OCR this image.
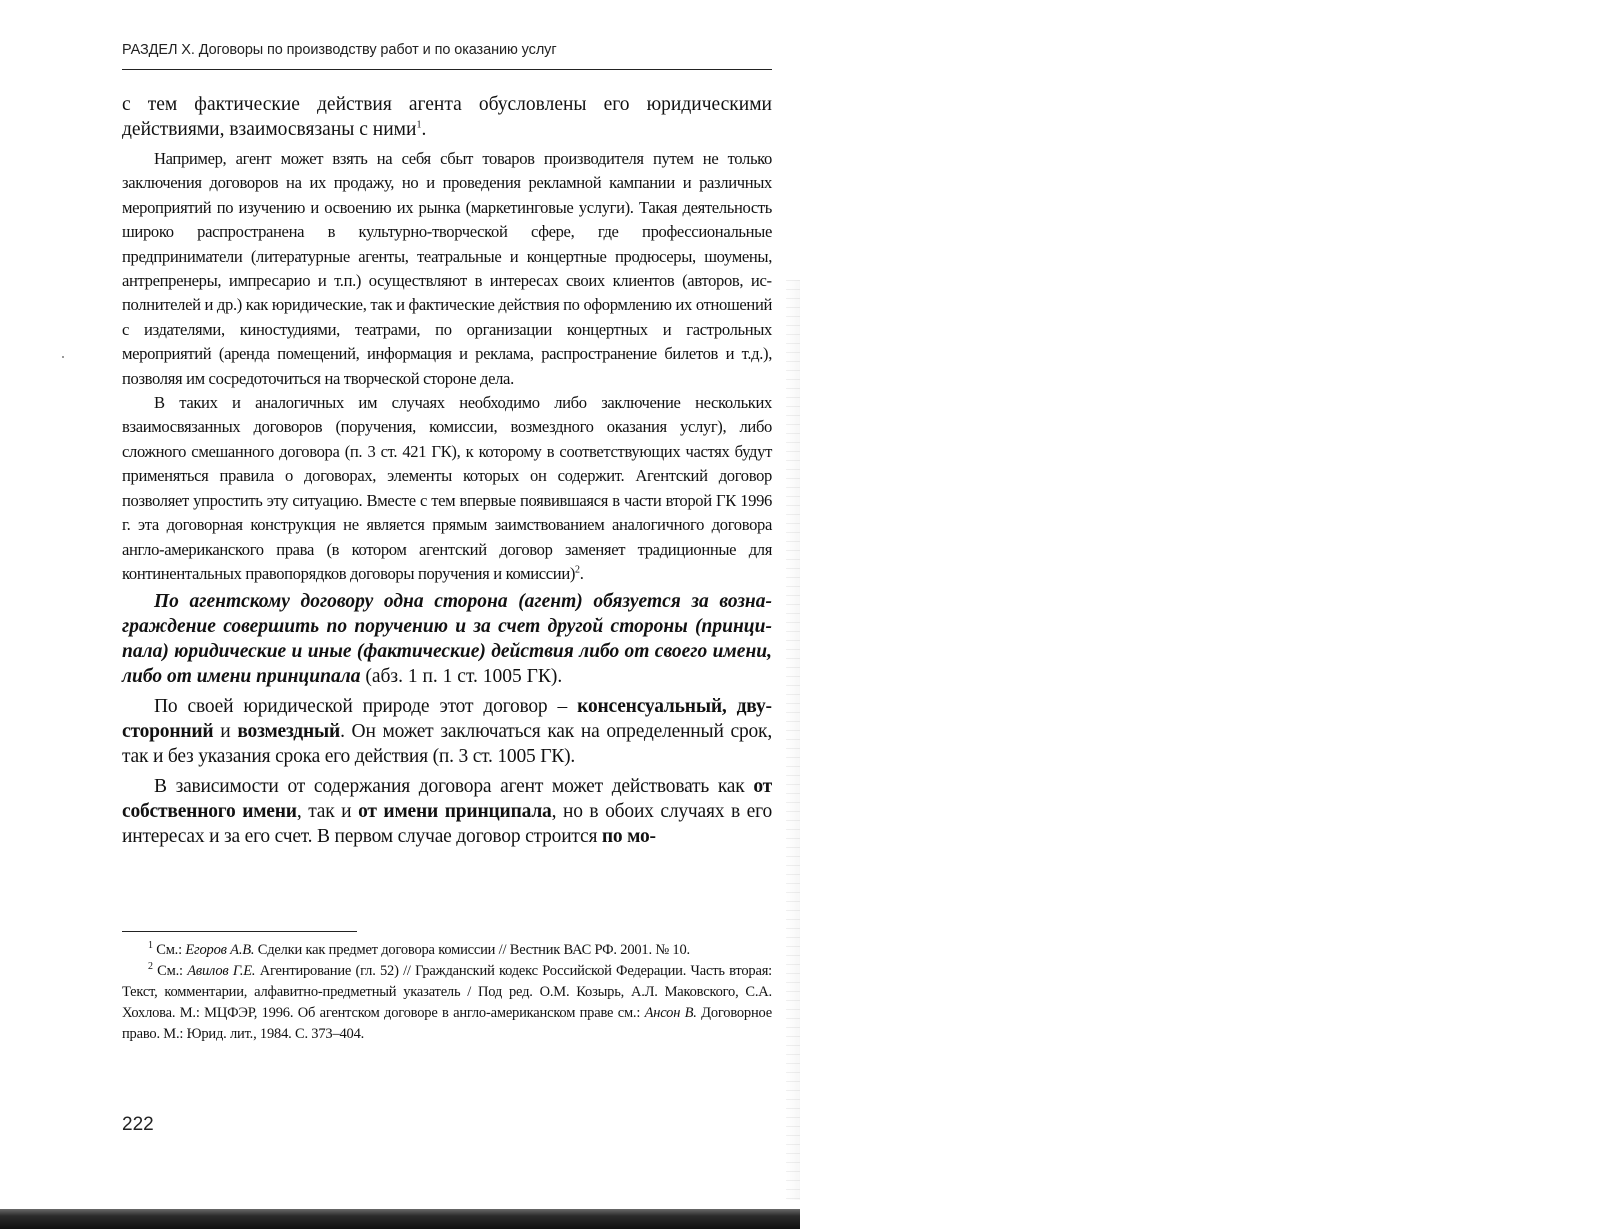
РАЗДЕЛ X. Договоры по производству работ и по оказанию услуг

с тем фактические действия агента обусловлены его юридическими действиями, взаимосвязаны с ними$^1$.

Например, агент может взять на себя сбыт товаров производителя путем не только заключения договоров на их продажу, но и проведения рекламной кампании и различных мероприятий по изучению и освоению их рынка (маркетинговые услуги). Такая деятельность широко распространена в культурно-творческой сфере, где профессиональные предприниматели (литературные агенты, театральные и концертные продюсеры, шоумены, антрепренеры, импресарио и т.п.) осуществляют в интересах своих клиентов (авторов, исполнителей и др.) как юридические, так и фактические действия по оформлению их отношений с издателями, киностудиями, театрами, по организации концертных и гастрольных мероприятий (аренда помещений, информация и реклама, распространение билетов и т.д.), позволяя им сосредоточиться на творческой стороне дела.

В таких и аналогичных им случаях необходимо либо заключение нескольких взаимосвязанных договоров (поручения, комиссии, возмездного оказания услуг), либо сложного смешанного договора (п. 3 ст. 421 ГК), к которому в соответствующих частях будут применяться правила о договорах, элементы которых он содержит. Агентский договор позволяет упростить эту ситуацию. Вместе с тем впервые появившаяся в части второй ГК 1996 г. эта договорная конструкция не является прямым заимствованием аналогичного договора англо-американского права (в котором агентский договор заменяет традиционные для континентальных правопорядков договоры поручения и комиссии)$^2$.

По агентскому договору одна сторона (агент) обязуется за вознаграждение совершить по поручению и за счет другой стороны (принципала) юридические и иные (фактические) действия либо от своего имени, либо от имени принципала (абз. 1 п. 1 ст. 1005 ГК).

По своей юридической природе этот договор – консенсуальный, двусторонний и возмездный. Он может заключаться как на определенный срок, так и без указания срока его действия (п. 3 ст. 1005 ГК).

В зависимости от содержания договора агент может действовать как от собственного имени, так и от имени принципала, но в обоих случаях в его интересах и за его счет. В первом случае договор строится по мо-

$^1$ См.: Егоров А.В. Сделки как предмет договора комиссии // Вестник ВАС РФ. 2001. № 10.

$^2$ См.: Авилов Г.Е. Агентирование (гл. 52) // Гражданский кодекс Российской Федерации. Часть вторая: Текст, комментарии, алфавитно-предметный указатель / Под ред. О.М. Козырь, А.Л. Маковского, С.А. Хохлова. М.: МЦФЭР, 1996. Об агентском договоре в англо-американском праве см.: Ансон В. Договорное право. М.: Юрид. лит., 1984. С. 373–404.

222
